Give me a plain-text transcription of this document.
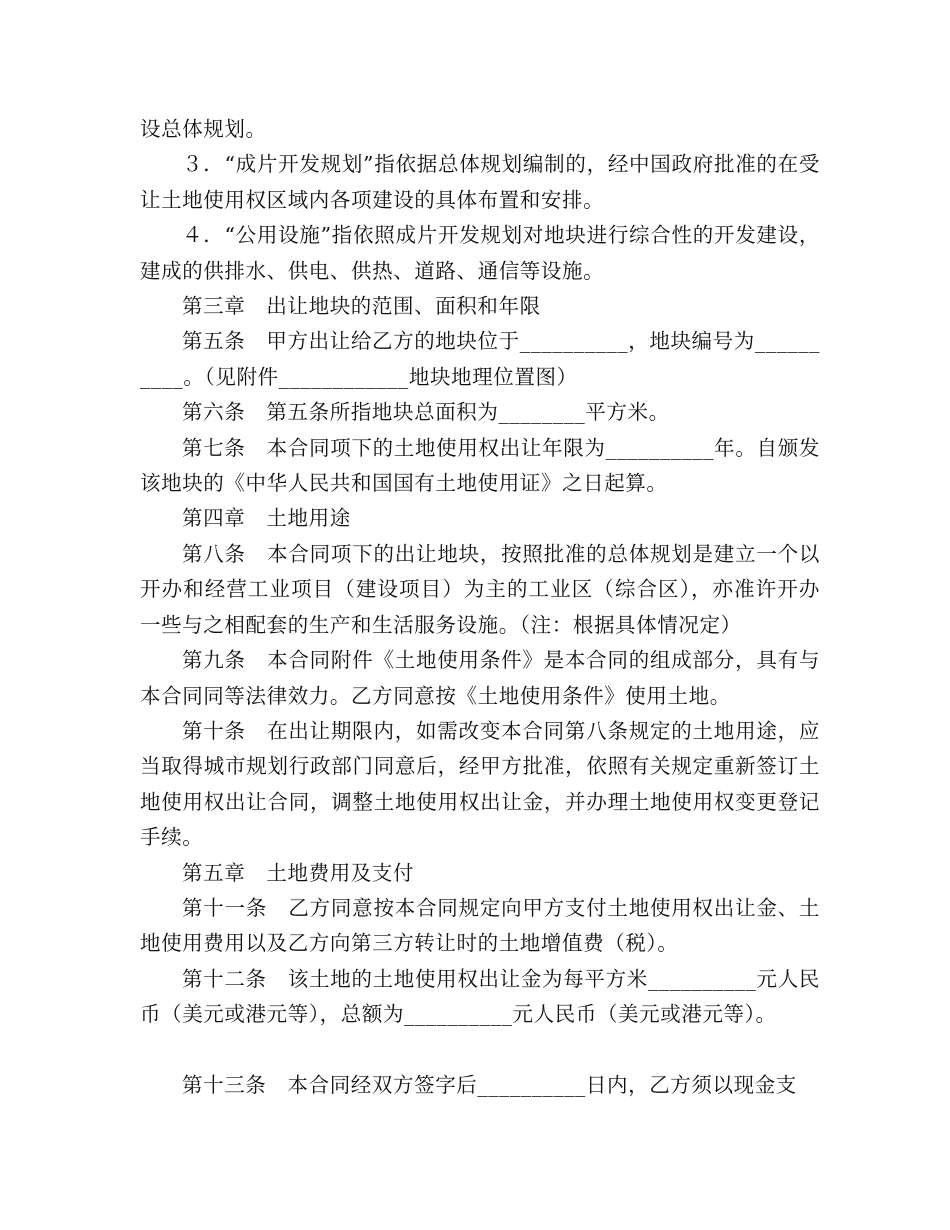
设总体规划。

３．“成片开发规划”指依据总体规划编制的，经中国政府批准的在受让土地使用权区域内各项建设的具体布置和安排。

４．“公用设施”指依照成片开发规划对地块进行综合性的开发建设，建成的供排水、供电、供热、道路、通信等设施。

第三章　出让地块的范围、面积和年限

第五条　甲方出让给乙方的地块位于__________，地块编号为__________。（见附件____________地块地理位置图）

第六条　第五条所指地块总面积为________平方米。

第七条　本合同项下的土地使用权出让年限为__________年。自颁发该地块的《中华人民共和国国有土地使用证》之日起算。

第四章　土地用途

第八条　本合同项下的出让地块，按照批准的总体规划是建立一个以开办和经营工业项目（建设项目）为主的工业区（综合区），亦准许开办一些与之相配套的生产和生活服务设施。（注：根据具体情况定）

第九条　本合同附件《土地使用条件》是本合同的组成部分，具有与本合同同等法律效力。乙方同意按《土地使用条件》使用土地。

第十条　在出让期限内，如需改变本合同第八条规定的土地用途，应当取得城市规划行政部门同意后，经甲方批准，依照有关规定重新签订土地使用权出让合同，调整土地使用权出让金，并办理土地使用权变更登记手续。

第五章　土地费用及支付

第十一条　乙方同意按本合同规定向甲方支付土地使用权出让金、土地使用费用以及乙方向第三方转让时的土地增值费（税）。

第十二条　该土地的土地使用权出让金为每平方米__________元人民币（美元或港元等），总额为__________元人民币（美元或港元等）。

第十三条　本合同经双方签字后__________日内，乙方须以现金支
